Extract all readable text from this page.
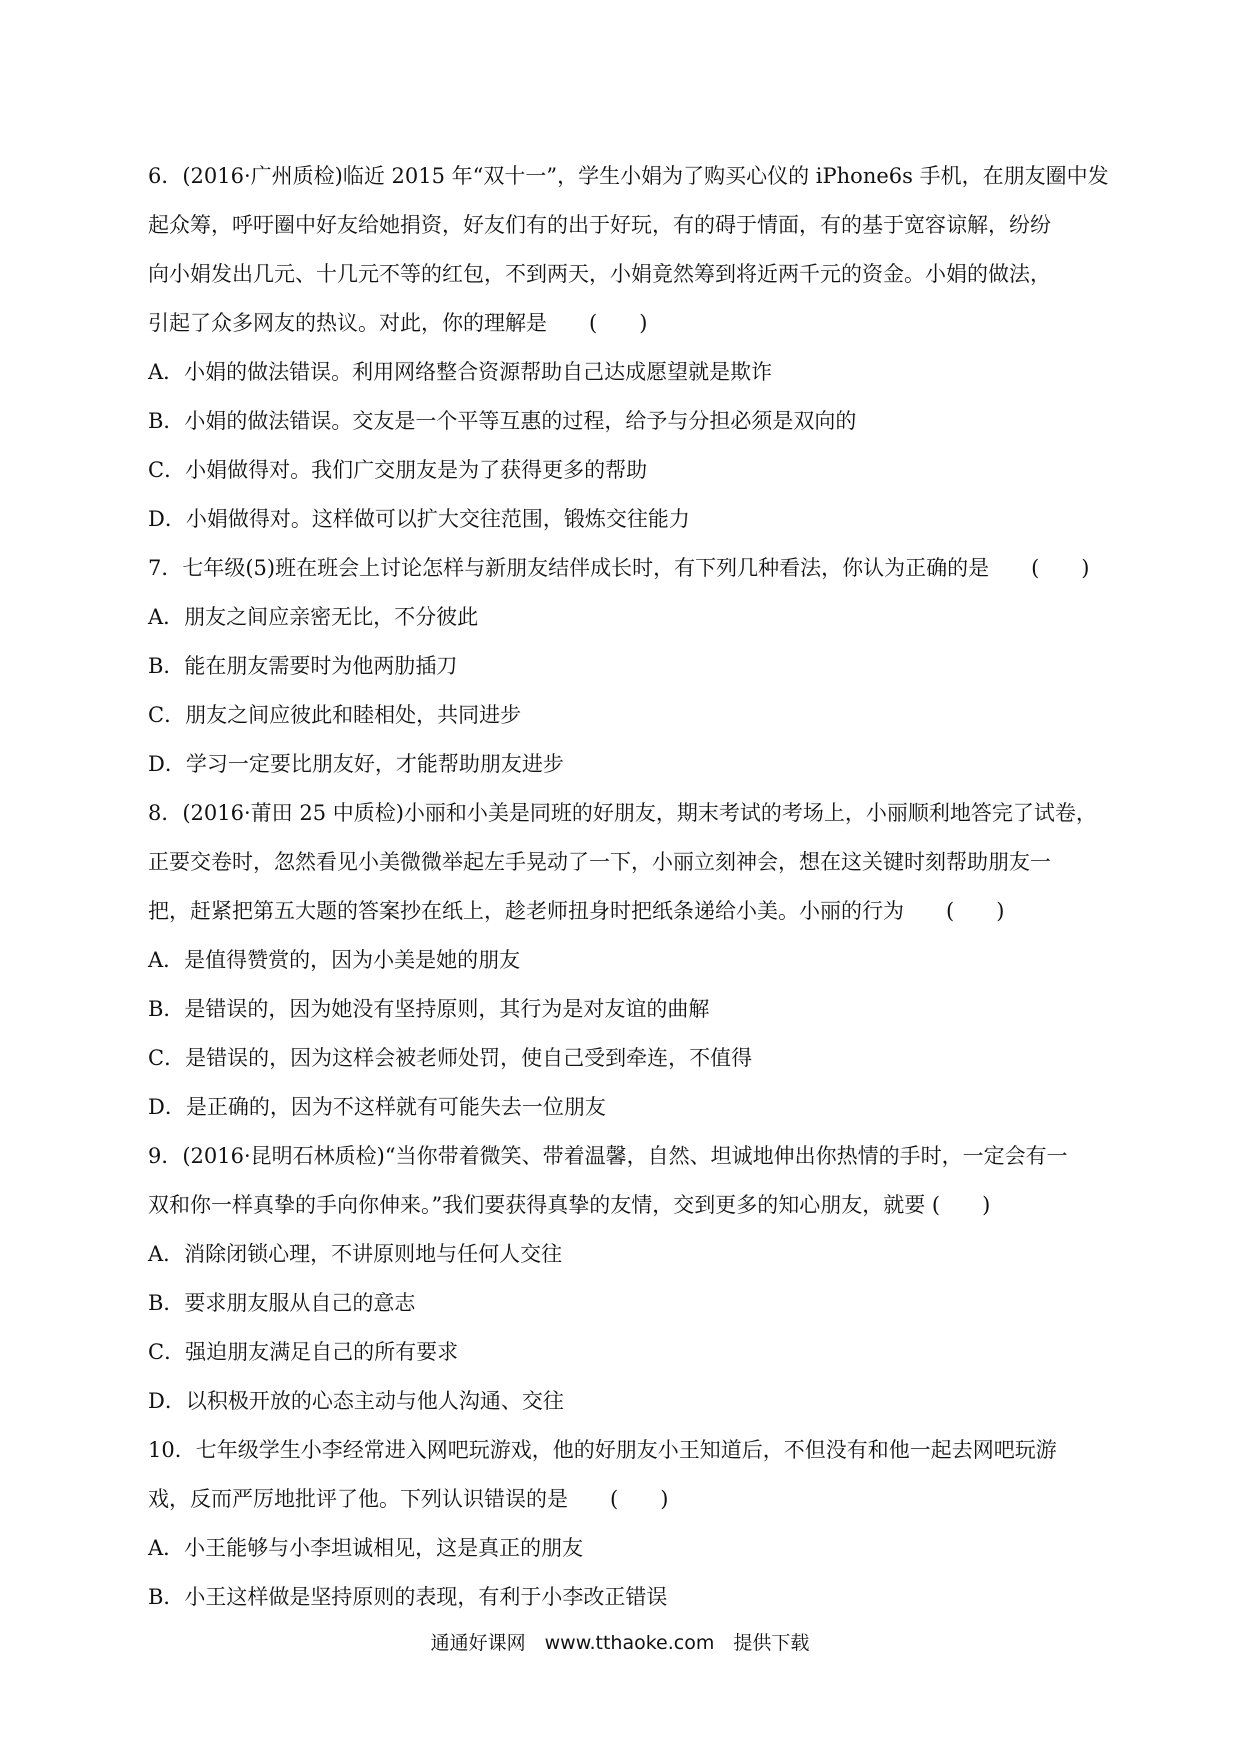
6．(2016·广州质检)临近 2015 年“双十一”，学生小娟为了购买心仪的 iPhone6s 手机，在朋友圈中发
起众筹，呼吁圈中好友给她捐资，好友们有的出于好玩，有的碍于情面，有的基于宽容谅解，纷纷
向小娟发出几元、十几元不等的红包，不到两天，小娟竟然筹到将近两千元的资金。小娟的做法，
引起了众多网友的热议。对此，你的理解是　　(　　)
A．小娟的做法错误。利用网络整合资源帮助自己达成愿望就是欺诈
B．小娟的做法错误。交友是一个平等互惠的过程，给予与分担必须是双向的
C．小娟做得对。我们广交朋友是为了获得更多的帮助
D．小娟做得对。这样做可以扩大交往范围，锻炼交往能力
7．七年级(5)班在班会上讨论怎样与新朋友结伴成长时，有下列几种看法，你认为正确的是　　(　　)
A．朋友之间应亲密无比，不分彼此
B．能在朋友需要时为他两肋插刀
C．朋友之间应彼此和睦相处，共同进步
D．学习一定要比朋友好，才能帮助朋友进步
8．(2016·莆田 25 中质检)小丽和小美是同班的好朋友，期末考试的考场上，小丽顺利地答完了试卷，
正要交卷时，忽然看见小美微微举起左手晃动了一下，小丽立刻神会，想在这关键时刻帮助朋友一
把，赶紧把第五大题的答案抄在纸上，趁老师扭身时把纸条递给小美。小丽的行为　　(　　)
A．是值得赞赏的，因为小美是她的朋友
B．是错误的，因为她没有坚持原则，其行为是对友谊的曲解
C．是错误的，因为这样会被老师处罚，使自己受到牵连，不值得
D．是正确的，因为不这样就有可能失去一位朋友
9．(2016·昆明石林质检)“当你带着微笑、带着温馨，自然、坦诚地伸出你热情的手时，一定会有一
双和你一样真挚的手向你伸来。”我们要获得真挚的友情，交到更多的知心朋友，就要 (　　)
A．消除闭锁心理，不讲原则地与任何人交往
B．要求朋友服从自己的意志
C．强迫朋友满足自己的所有要求
D．以积极开放的心态主动与他人沟通、交往
10．七年级学生小李经常进入网吧玩游戏，他的好朋友小王知道后，不但没有和他一起去网吧玩游
戏，反而严厉地批评了他。下列认识错误的是　　(　　)
A．小王能够与小李坦诚相见，这是真正的朋友
B．小王这样做是坚持原则的表现，有利于小李改正错误
通通好课网　www.tthaoke.com　提供下载
